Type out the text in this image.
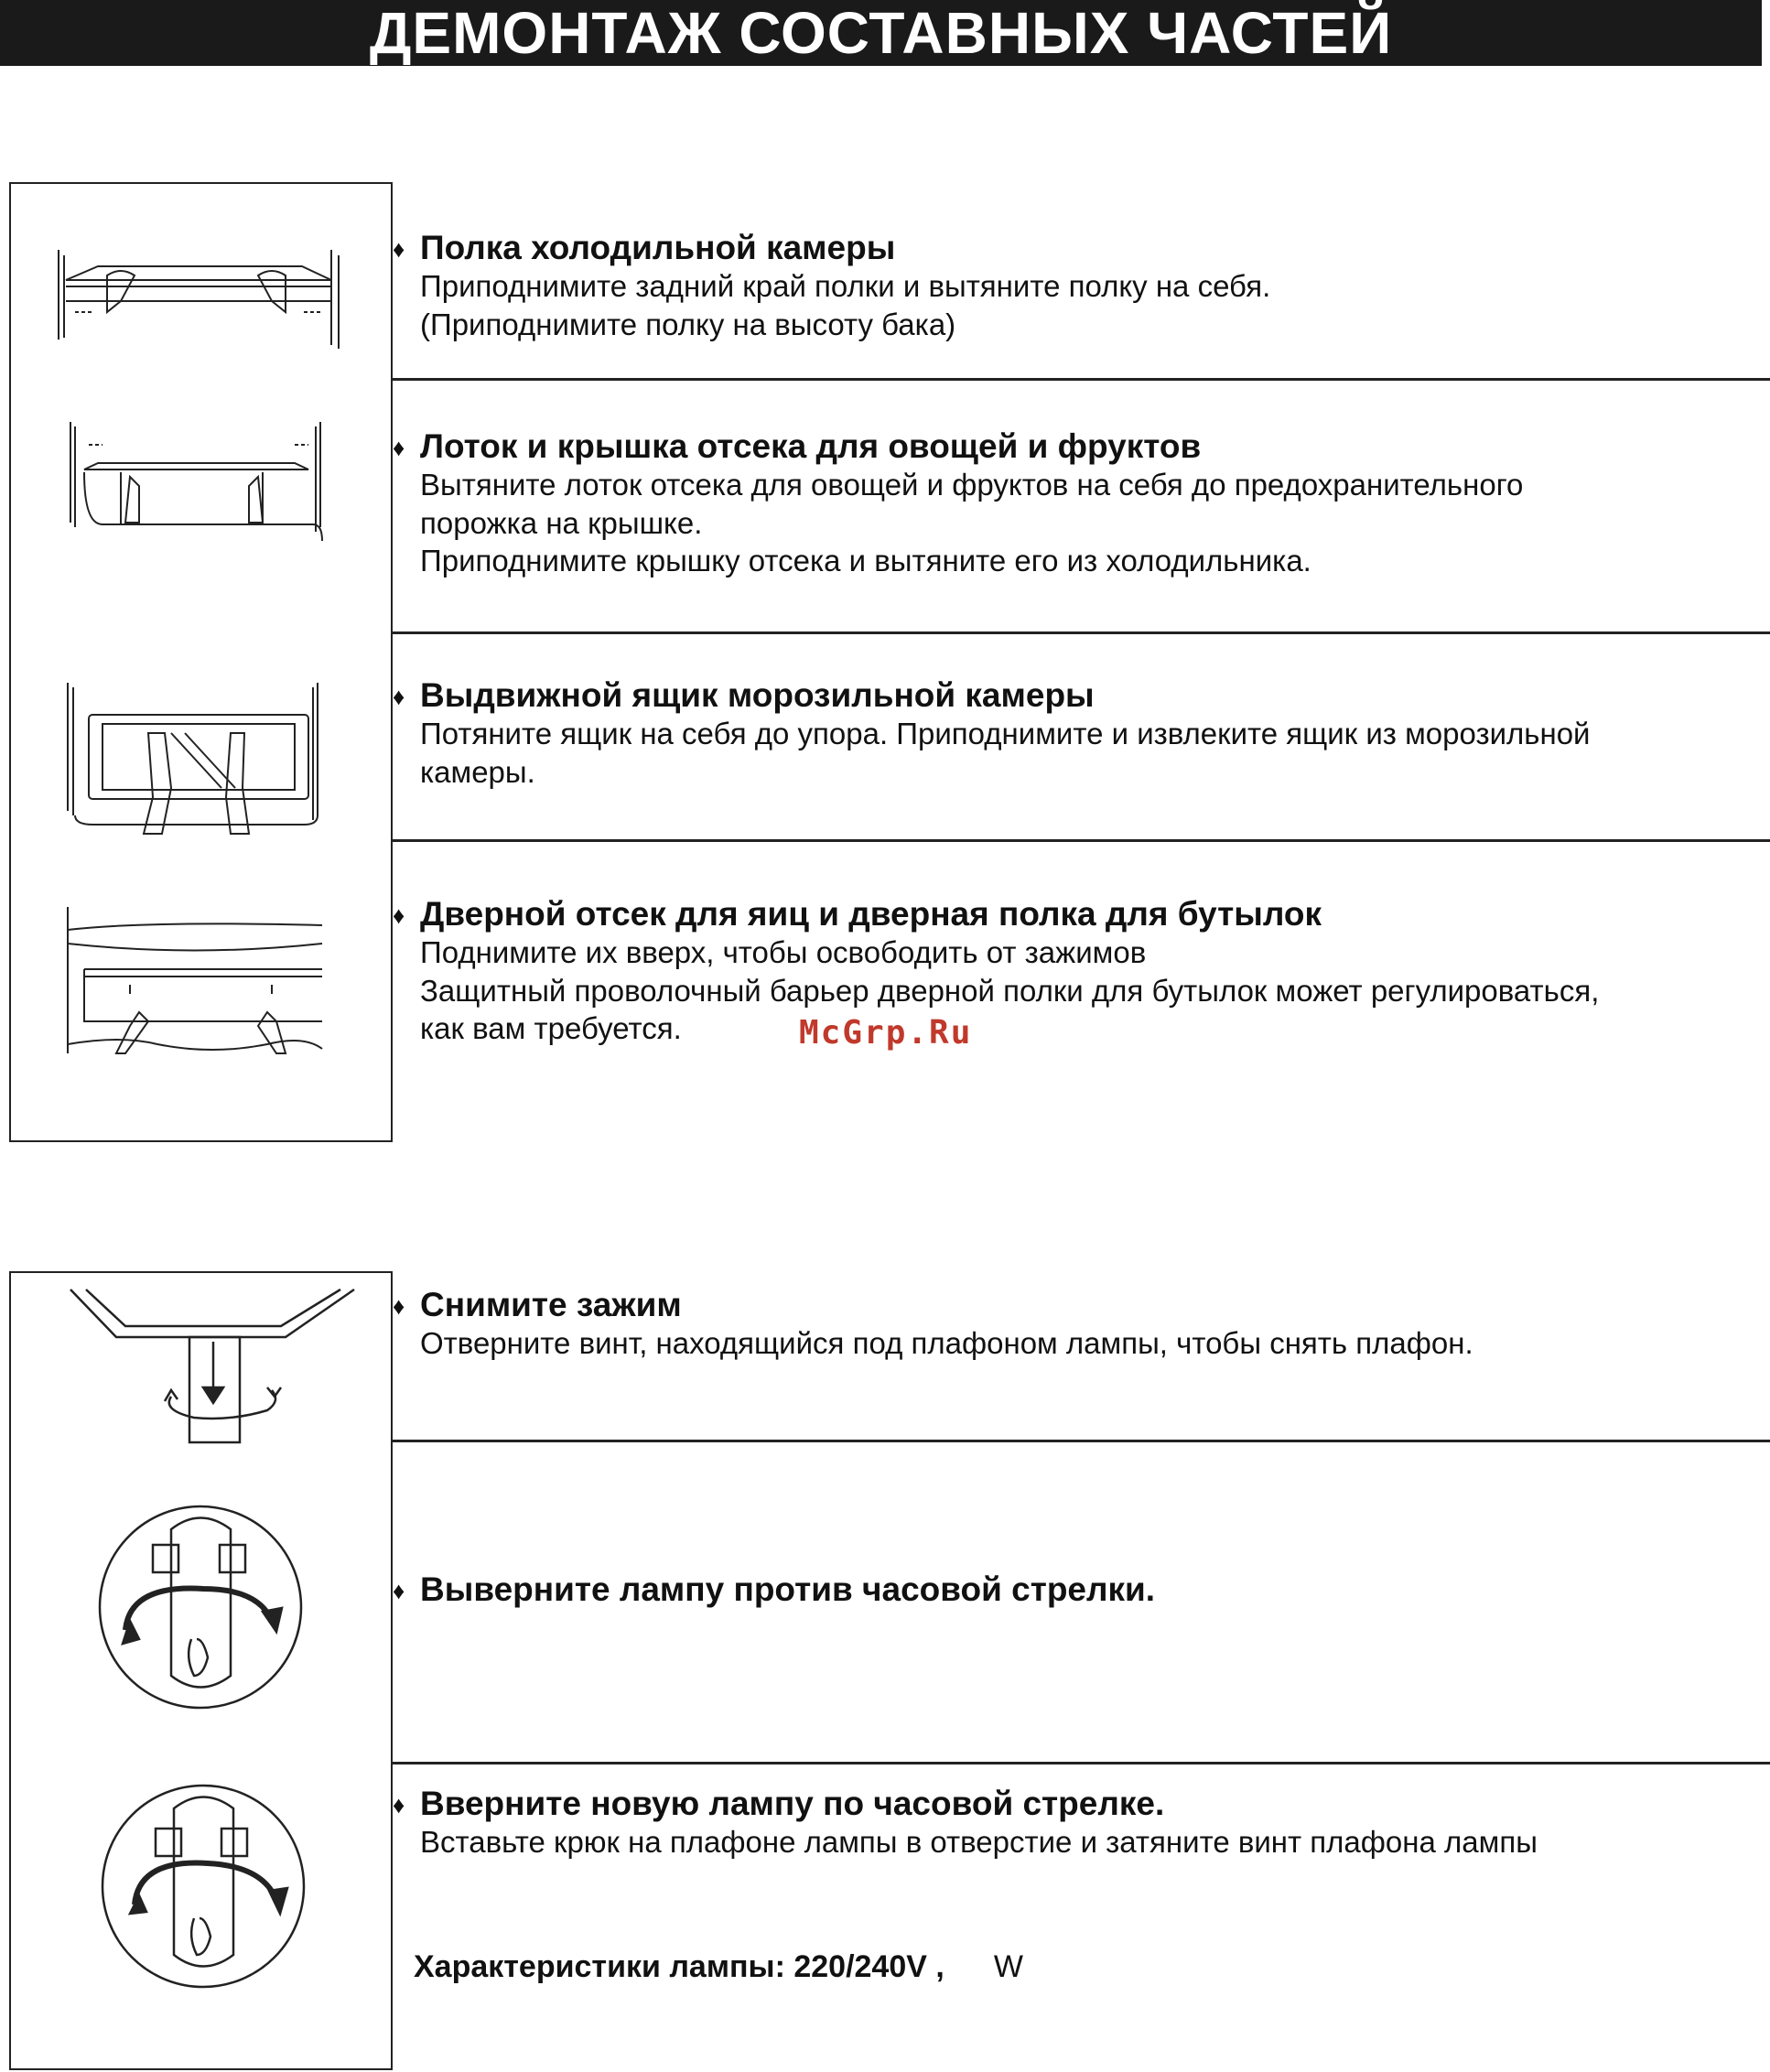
ДЕМОНТАЖ СОСТАВНЫХ ЧАСТЕЙ
♦ Полка холодильной камеры

Приподнимите задний край полки и вытяните полку на себя.

(Приподнимите полку на высоту бака)

♦ Лоток и крышка отсека для овощей и фруктов

Вытяните лоток отсека для овощей и фруктов на себя до предохранительного

порожка на крышке.

Приподнимите крышку отсека и вытяните его из холодильника.

♦ Выдвижной ящик морозильной камеры

Потяните ящик на себя до упора. Приподнимите и извлеките ящик из морозильной

камеры.

♦ Дверной отсек для яиц и дверная полка для бутылок

Поднимите их вверх, чтобы освободить от зажимов

Защитный проволочный барьер дверной полки для бутылок может регулироваться,

как вам требуется.	McGrp.Ru
♦ Снимите зажим

Отверните винт, находящийся под плафоном лампы, чтобы снять плафон.

♦ Выверните лампу против часовой стрелки.
♦ Вверните новую лампу по часовой стрелке.

Вставьте крюк на плафоне лампы в отверстие и затяните винт плафона лампы

Характеристики лампы: 220/240V , W
